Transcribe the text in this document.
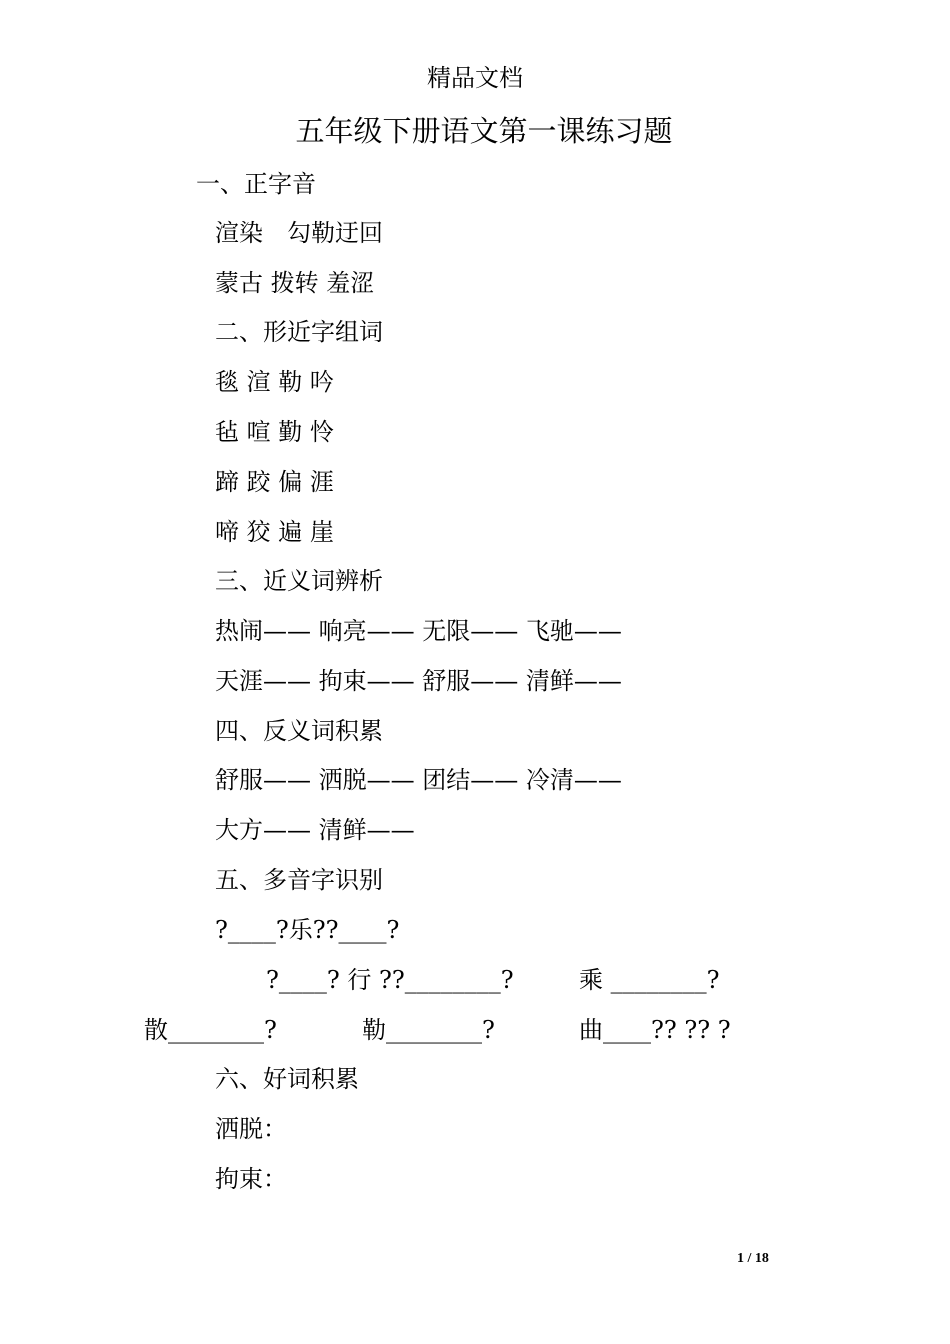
精品文档
五年级下册语文第一课练习题
一、正字音
渲染　勾勒迂回
蒙古 拨转 羞涩
二、形近字组词
毯 渲 勒 吟
毡 喧 勤 怜
蹄 跤 偏 涯
啼 狡 遍 崖
三、近义词辨析
热闹—— 响亮—— 无限—— 飞驰——
天涯—— 拘束—— 舒服—— 清鲜——
四、反义词积累
舒服—— 洒脱—— 团结—— 冷清——
大方—— 清鲜——
五、多音字识别
?____?乐??____?
?____? 行 ??________?	乘 ________?
散________?	勒________?	曲____?? ?? ?
六、好词积累
洒脱：
拘束：
1 / 18
